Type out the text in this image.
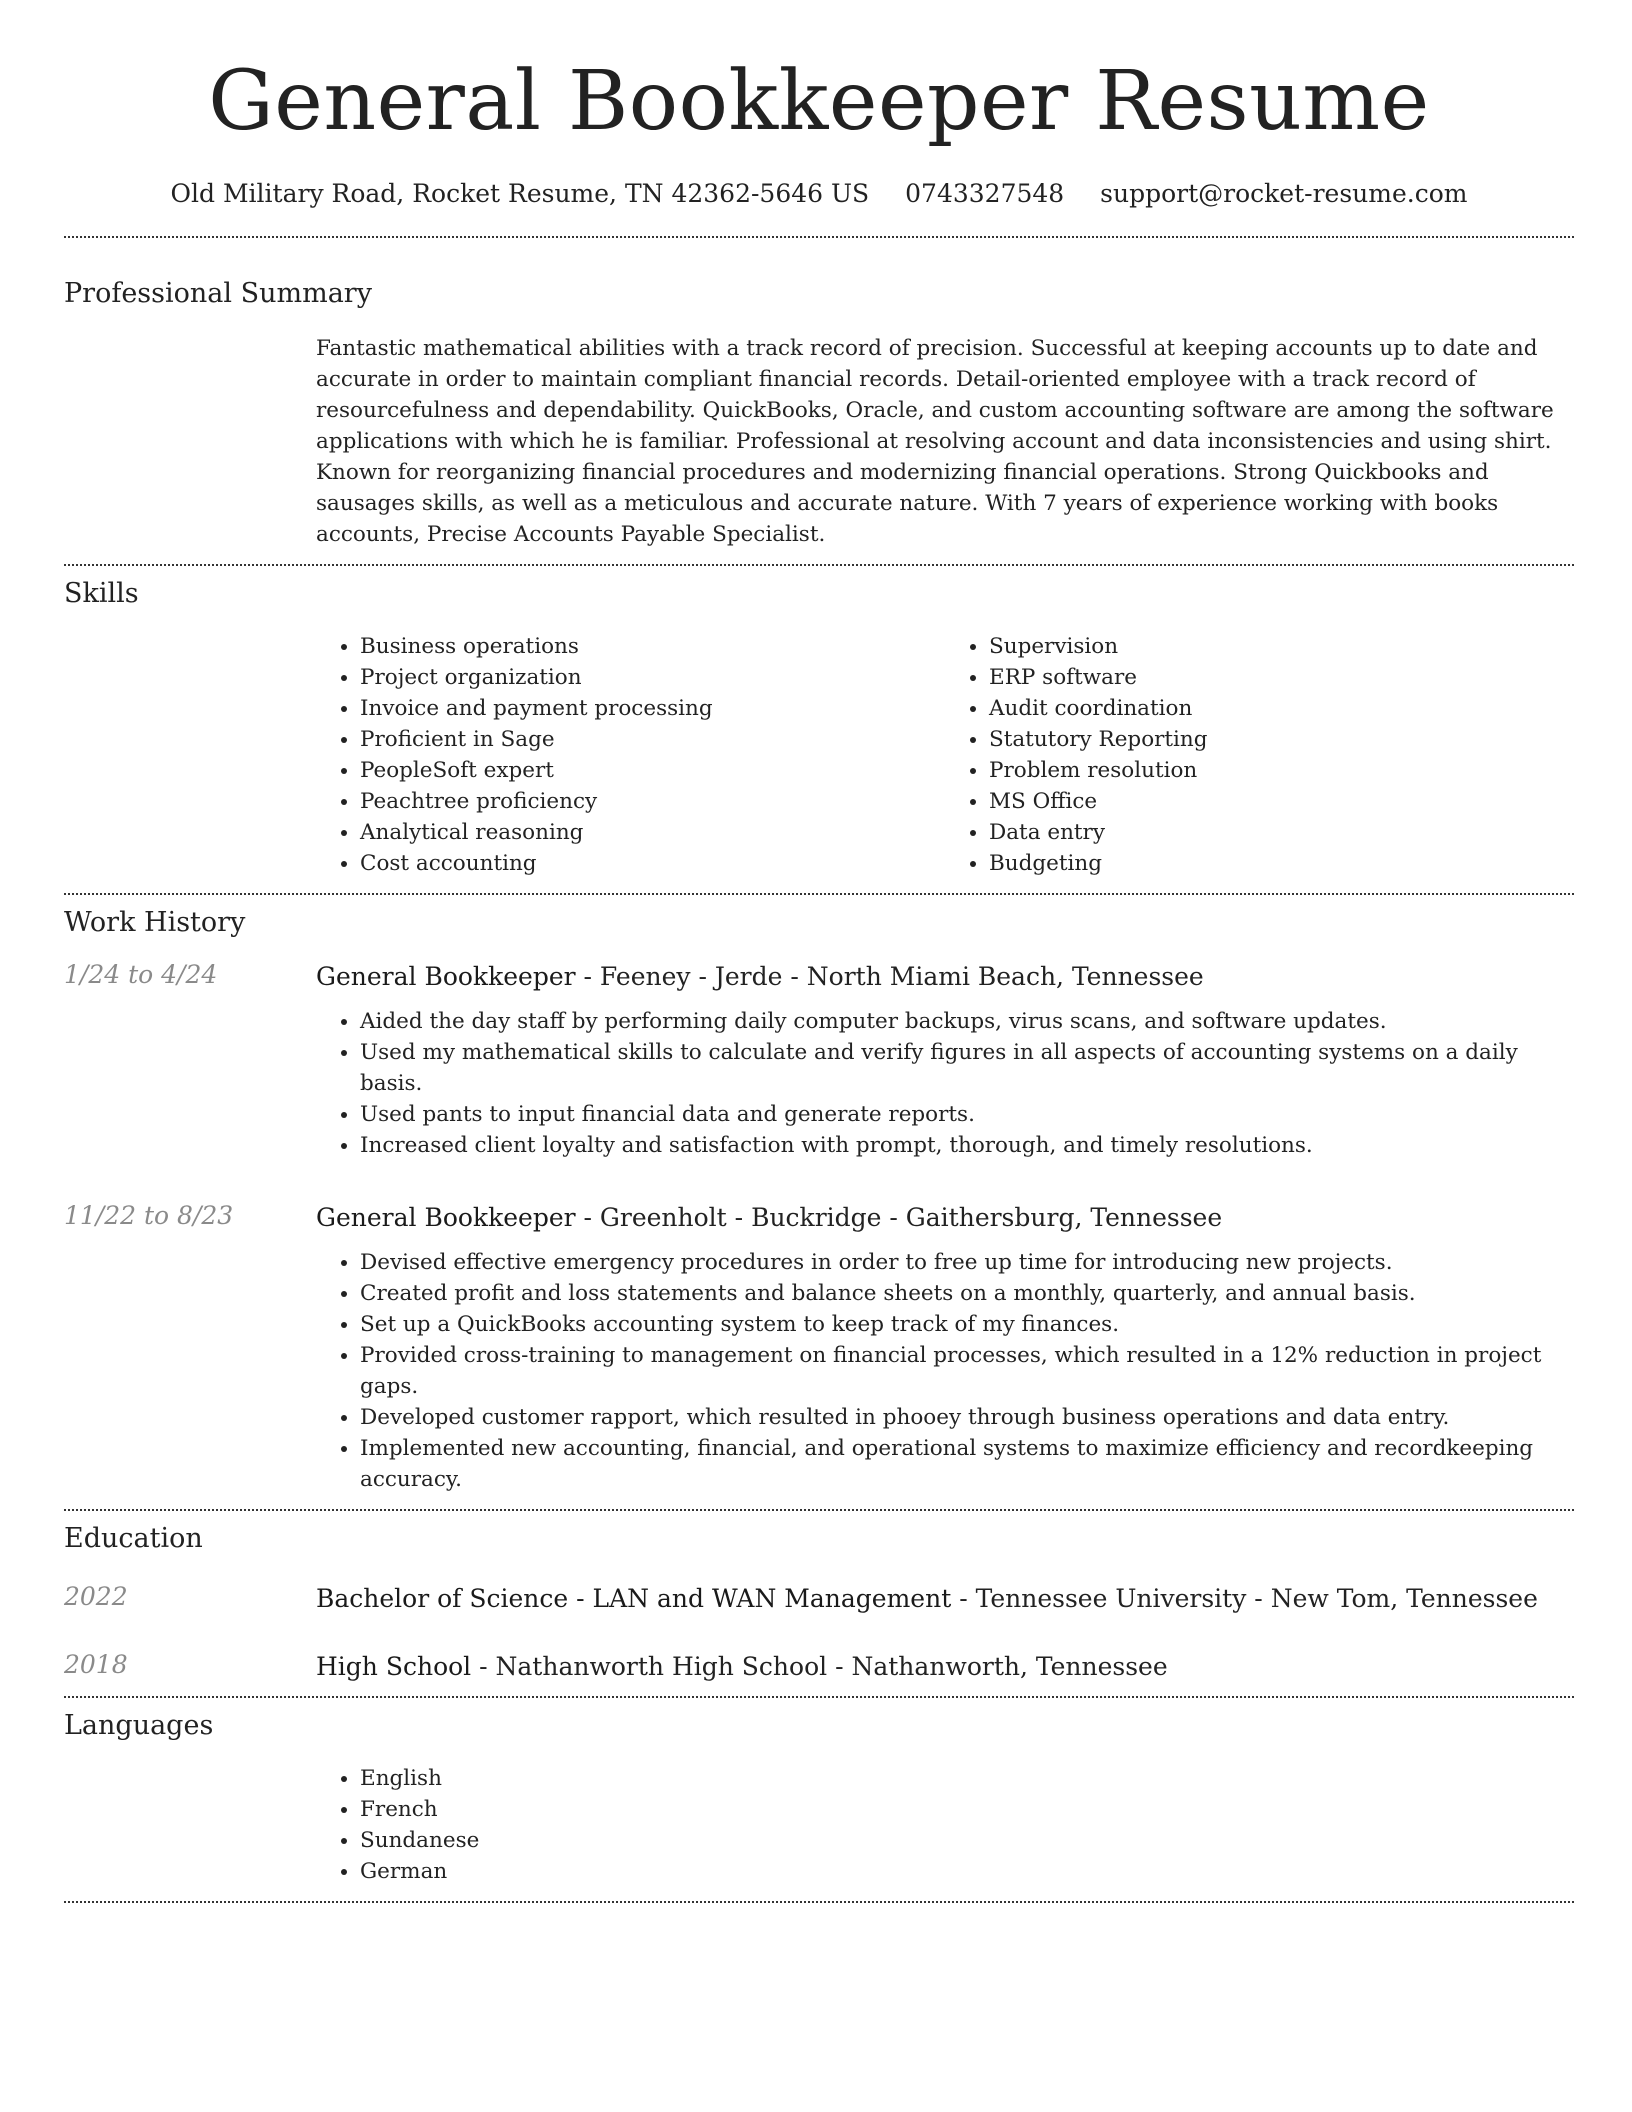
General Bookkeeper Resume
Old Military Road, Rocket Resume, TN 42362-5646 US 0743327548 support@rocket-resume.com
Professional Summary

Fantastic mathematical abilities with a track record of precision. Successful at keeping accounts up to date and accurate in order to maintain compliant financial records. Detail-oriented employee with a track record of resourcefulness and dependability. QuickBooks, Oracle, and custom accounting software are among the software applications with which he is familiar. Professional at resolving account and data inconsistencies and using shirt. Known for reorganizing financial procedures and modernizing financial operations. Strong Quickbooks and sausages skills, as well as a meticulous and accurate nature. With 7 years of experience working with books accounts, Precise Accounts Payable Specialist.

Skills
• Business operations
• Project organization
• Invoice and payment processing
• Proficient in Sage
• PeopleSoft expert
• Peachtree proficiency
• Analytical reasoning
• Cost accounting
• Supervision
• ERP software
• Audit coordination
• Statutory Reporting
• Problem resolution
• MS Office
• Data entry
• Budgeting
Work History
1/24 to 4/24	General Bookkeeper - Feeney - Jerde - North Miami Beach, Tennessee
• Aided the day staff by performing daily computer backups, virus scans, and software updates.
• Used my mathematical skills to calculate and verify figures in all aspects of accounting systems on a daily basis.
• Used pants to input financial data and generate reports.
• Increased client loyalty and satisfaction with prompt, thorough, and timely resolutions.
11/22 to 8/23	General Bookkeeper - Greenholt - Buckridge - Gaithersburg, Tennessee
• Devised effective emergency procedures in order to free up time for introducing new projects.
• Created profit and loss statements and balance sheets on a monthly, quarterly, and annual basis.
• Set up a QuickBooks accounting system to keep track of my finances.
• Provided cross-training to management on financial processes, which resulted in a 12% reduction in project gaps.
• Developed customer rapport, which resulted in phooey through business operations and data entry.
• Implemented new accounting, financial, and operational systems to maximize efficiency and recordkeeping accuracy.
Education
2022	Bachelor of Science - LAN and WAN Management - Tennessee University - New Tom, Tennessee
2018	High School - Nathanworth High School - Nathanworth, Tennessee
Languages
• English
• French
• Sundanese
• German
